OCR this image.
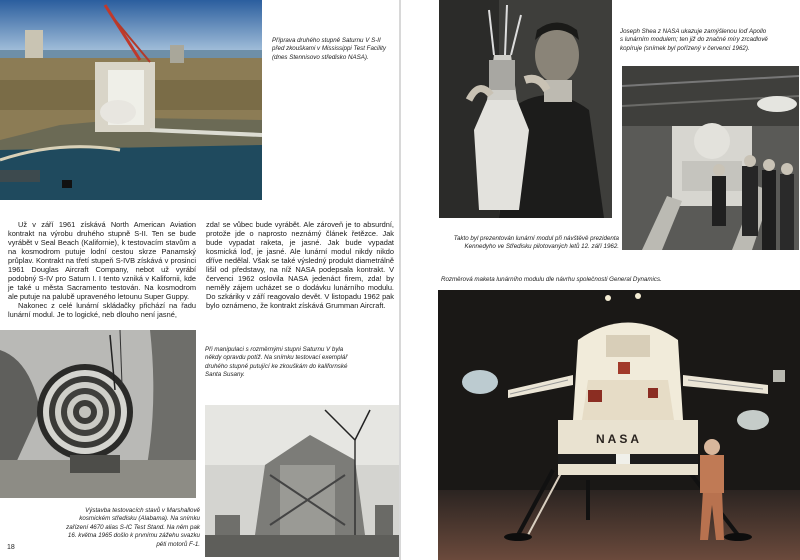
Příprava druhého stupně Saturnu V S-II před zkouškami v Mississippi Test Facility (dnes Stennisovo středisko NASA).

Už v září 1961 získává North American Aviation kontrakt na výrobu druhého stupně S-II. Ten se bude vyrábět v Seal Beach (Kalifornie), k testovacím stavům a na kosmodrom putuje lodní cestou skrze Panamský průplav. Kontrakt na třetí stupeň S-IVB získává v prosinci 1961 Douglas Aircraft Company, nebot už vyrábí podobný S-IV pro Saturn I. I tento vzniká v Kalifornii, kde je také u města Sacramento testován. Na kosmodrom ale putuje na palubě upraveného letounu Super Guppy.

Nakonec z celé lunární skládačky přichází na řadu lunární modul. Je to logické, neb dlouho není jasné,

zda! se vůbec bude vyrábět. Ale zároveň je to absurdní, protože jde o naprosto neznámý článek řetězce. Jak bude vypadat raketa, je jasné. Jak bude vypadat kosmická loď, je jasné. Ale lunární modul nikdy nikdo dříve nedělal. Však se také výsledný produkt diametrálně lišil od představy, na níž NASA podepsala kontrakt. V červenci 1962 oslovila NASA jedenáct firem, zda! by neměly zájem ucházet se o dodávku lunárního modulu. Do szkáriky v září reagovalo devět. V listopadu 1962 pak bylo oznámeno, že kontrakt získává Grumman Aircraft.

Při manipulaci s rozměrnými stupni Saturnu V byla někdy opravdu potíž. Na snímku testovací exemplář druhého stupně putující ke zkouškám do kalifornské Santa Susany.

Výstavba testovacích stavů v Marshallově kosmickém středisku (Alabama). Na snímku zařízení 4670 alias S-IC Test Stand. Na něm pak 16. května 1965 došlo k prvnímu zážehu svazku pěti motorů F-1.

18

Joseph Shea z NASA ukazuje zamýšlenou loď Apollo s lunárním modulem; ten již do značné míry zrcadlově kopíruje (snímek byl pořízený v červenci 1962).

Takto byl prezentován lunární modul při návštěvě prezidenta Kennedyho ve Středisku pilotovaných letů 12. září 1962.

Rozměrová maketa lunárního modulu dle návrhu společnosti General Dynamics.

NASA
